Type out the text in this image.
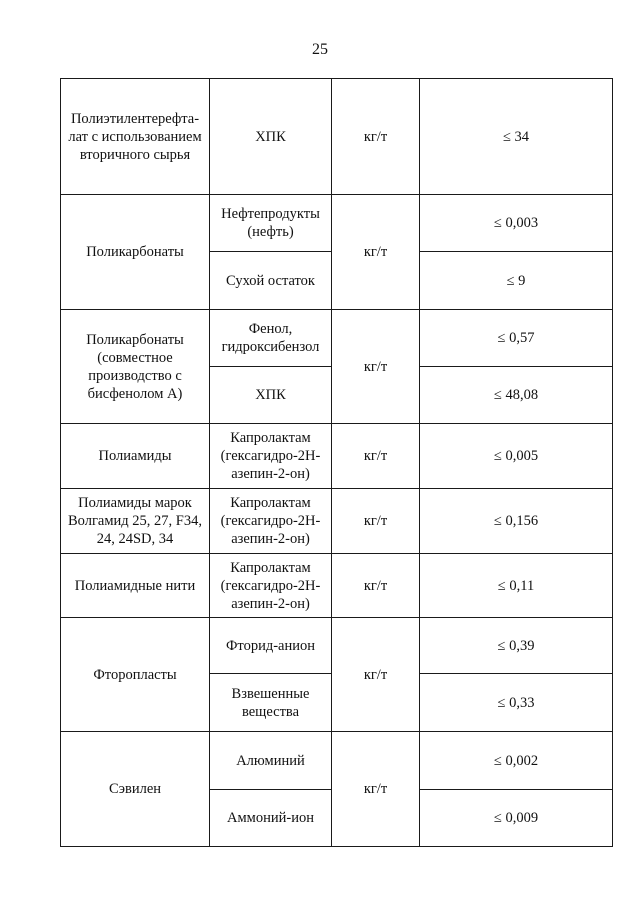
25
Полиэтилентерефта-лат с использованием вторичного сырья	ХПК	кг/т	≤ 34
Поликарбонаты	Нефтепродукты (нефть)	кг/т	≤ 0,003
	Сухой остаток		≤ 9
Поликарбонаты (совместное производство с бисфенолом А)	Фенол, гидроксибензол	кг/т	≤ 0,57
	ХПК		≤ 48,08
Полиамиды	Капролактам (гексагидро-2Н-азепин-2-он)	кг/т	≤ 0,005
Полиамиды марок Волгамид 25, 27, F34, 24, 24SD, 34	Капролактам (гексагидро-2Н-азепин-2-он)	кг/т	≤ 0,156
Полиамидные нити	Капролактам (гексагидро-2Н-азепин-2-он)	кг/т	≤ 0,11
Фторопласты	Фторид-анион	кг/т	≤ 0,39
	Взвешенные вещества		≤ 0,33
Сэвилен	Алюминий	кг/т	≤ 0,002
	Аммоний-ион		≤ 0,009
